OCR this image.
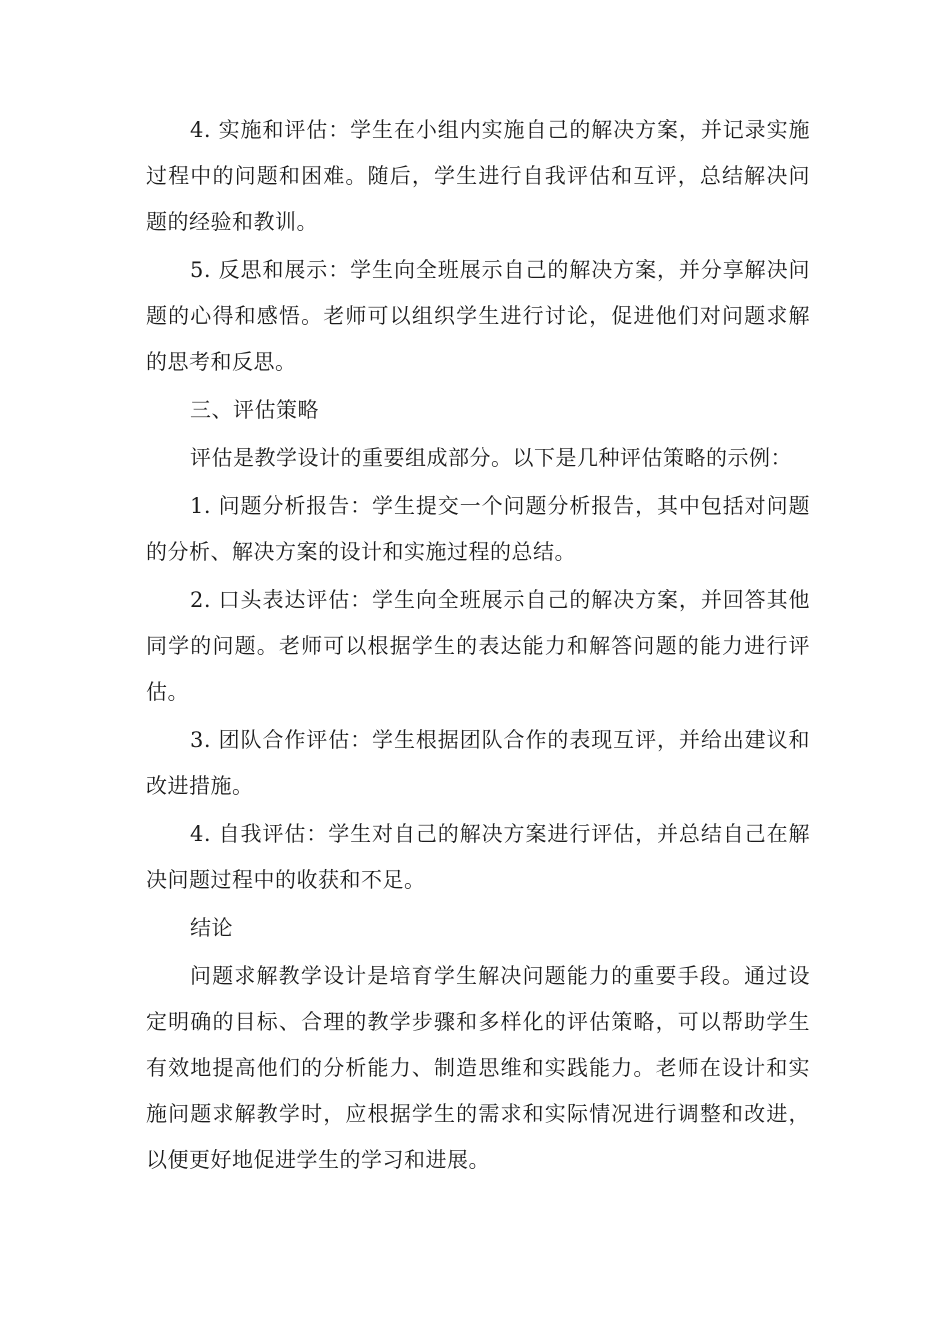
4. 实施和评估：学生在小组内实施自己的解决方案，并记录实施过程中的问题和困难。随后，学生进行自我评估和互评，总结解决问题的经验和教训。

5. 反思和展示：学生向全班展示自己的解决方案，并分享解决问题的心得和感悟。老师可以组织学生进行讨论，促进他们对问题求解的思考和反思。

三、评估策略

评估是教学设计的重要组成部分。以下是几种评估策略的示例：

1. 问题分析报告：学生提交一个问题分析报告，其中包括对问题的分析、解决方案的设计和实施过程的总结。

2. 口头表达评估：学生向全班展示自己的解决方案，并回答其他同学的问题。老师可以根据学生的表达能力和解答问题的能力进行评估。

3. 团队合作评估：学生根据团队合作的表现互评，并给出建议和改进措施。

4. 自我评估：学生对自己的解决方案进行评估，并总结自己在解决问题过程中的收获和不足。

结论

问题求解教学设计是培育学生解决问题能力的重要手段。通过设定明确的目标、合理的教学步骤和多样化的评估策略，可以帮助学生有效地提高他们的分析能力、制造思维和实践能力。老师在设计和实施问题求解教学时，应根据学生的需求和实际情况进行调整和改进，以便更好地促进学生的学习和进展。
